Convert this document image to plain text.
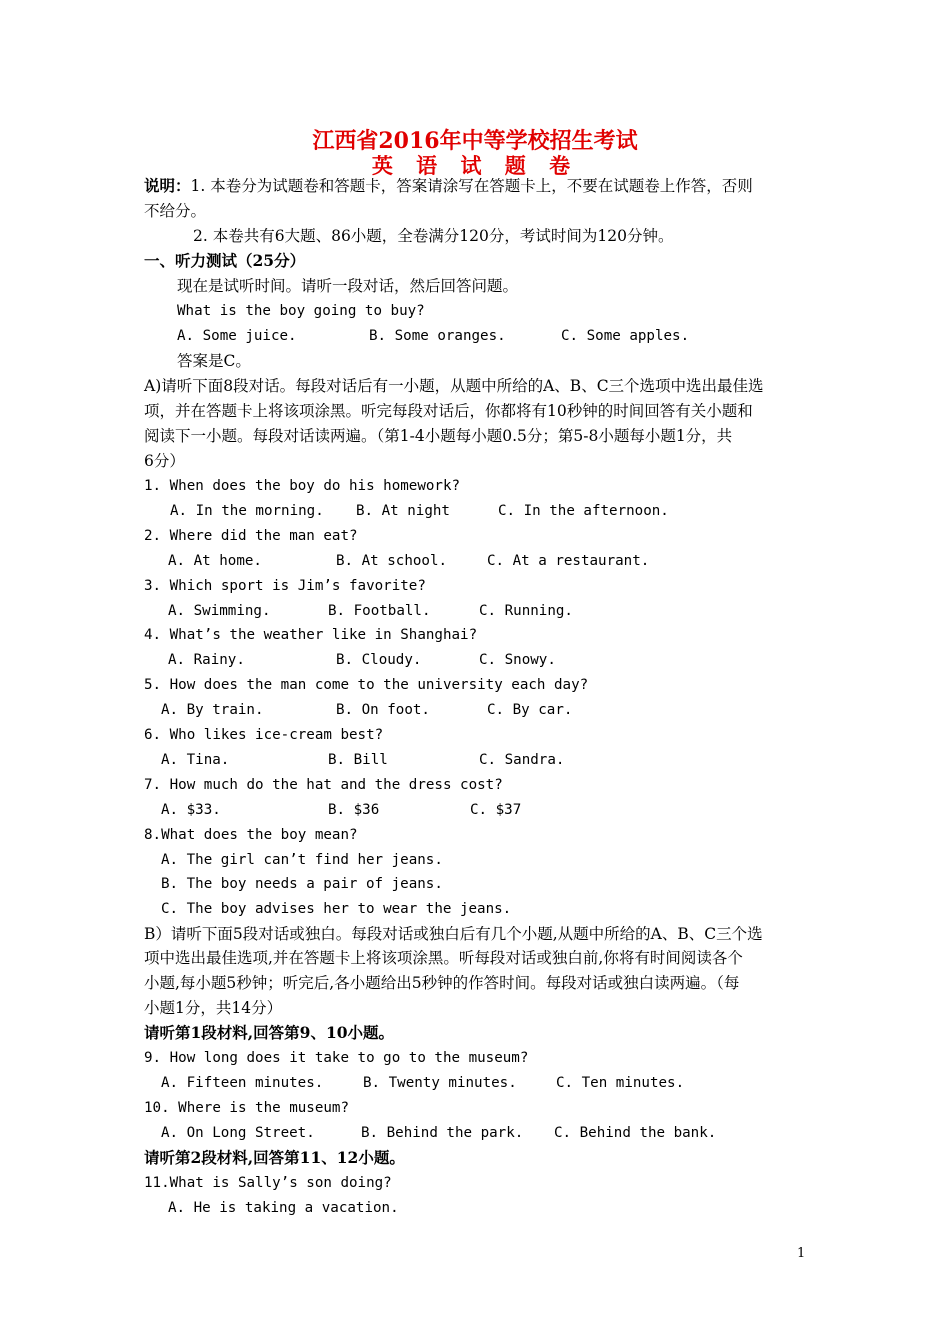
江西省2016年中等学校招生考试
英 语 试 题 卷
说明：1. 本卷分为试题卷和答题卡，答案请涂写在答题卡上，不要在试题卷上作答，否则
不给分。
2. 本卷共有6大题、86小题，全卷满分120分，考试时间为120分钟。
一、听力测试（25分）
现在是试听时间。请听一段对话，然后回答问题。
What is the boy going to buy?
A. Some juice.	B. Some oranges.	C. Some apples.
答案是C。
A)请听下面8段对话。每段对话后有一小题，从题中所给的A、B、C三个选项中选出最佳选
项，并在答题卡上将该项涂黑。听完每段对话后，你都将有10秒钟的时间回答有关小题和
阅读下一小题。每段对话读两遍。（第1-4小题每小题0.5分；第5-8小题每小题1分，共
6分）
1. When does the boy do his homework?
A. In the morning. B. At night	C. In the afternoon.
2. Where did the man eat?
A. At home.	B. At school.	C. At a restaurant.
3. Which sport is Jim’s favorite?
A. Swimming.	B. Football.	C. Running.
4. What’s the weather like in Shanghai?
A. Rainy.	B. Cloudy.	C. Snowy.
5. How does the man come to the university each day?
A. By train.	B. On foot.	C. By car.
6. Who likes ice-cream best?
A. Tina.	B. Bill	C. Sandra.
7. How much do the hat and the dress cost?
A. $33.	B. $36	C. $37
8.What does the boy mean?
A. The girl can’t find her jeans.
B. The boy needs a pair of jeans.
C. The boy advises her to wear the jeans.
B）请听下面5段对话或独白。每段对话或独白后有几个小题,从题中所给的A、B、C三个选
项中选出最佳选项,并在答题卡上将该项涂黑。听每段对话或独白前,你将有时间阅读各个
小题,每小题5秒钟；听完后,各小题给出5秒钟的作答时间。每段对话或独白读两遍。（每
小题1分，共14分）
请听第1段材料,回答第9、10小题。
9. How long does it take to go to the museum?
A. Fifteen minutes.	B. Twenty minutes.	C. Ten minutes.
10. Where is the museum?
A. On Long Street.	B. Behind the park. C. Behind the bank.
请听第2段材料,回答第11、12小题。
11.What is Sally’s son doing?
A. He is taking a vacation.
1
